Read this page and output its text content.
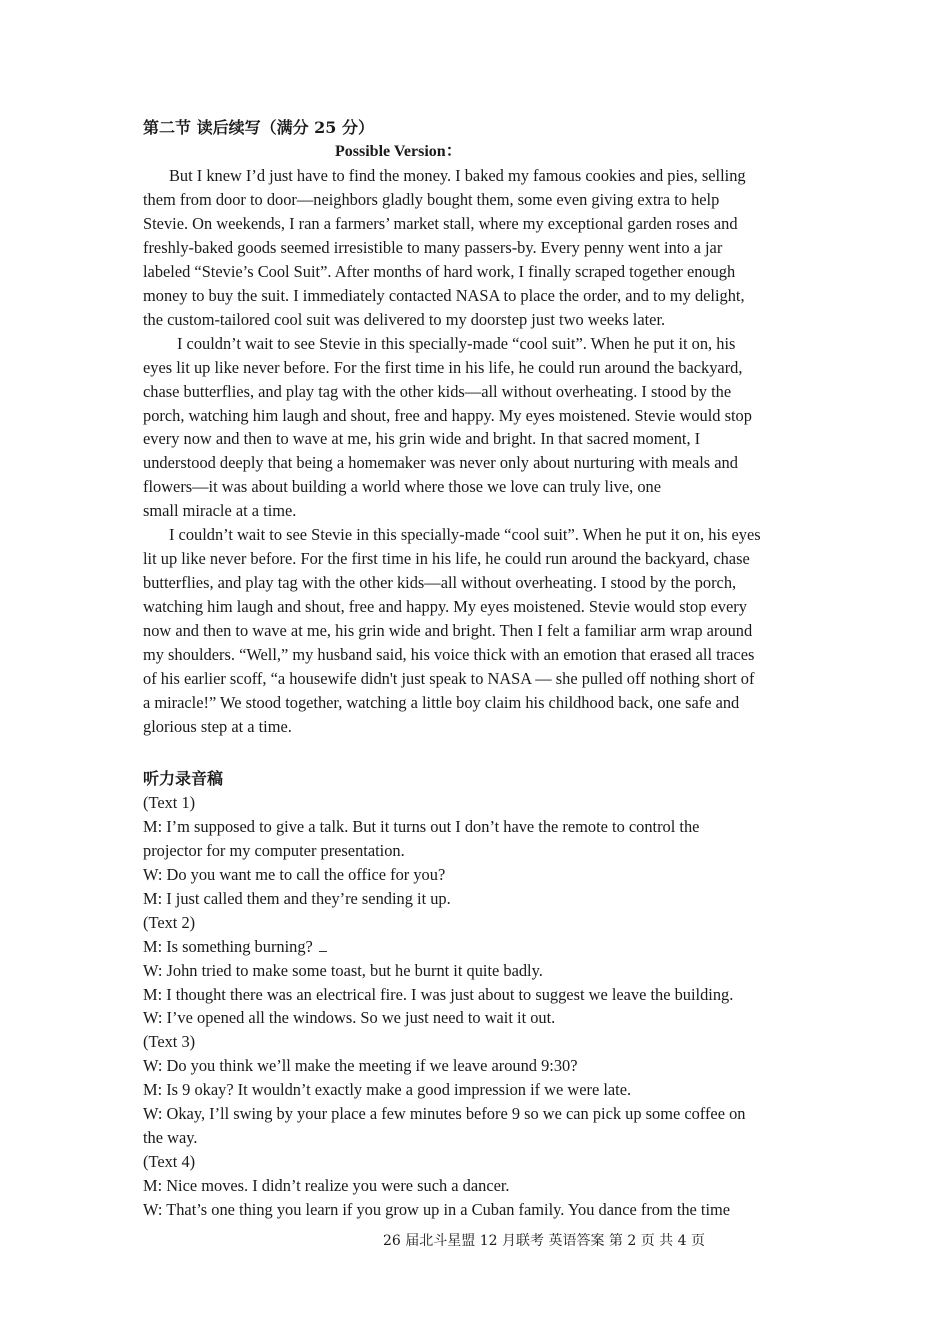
第二节 读后续写（满分 25 分）

Possible Version：

But I knew I’d just have to find the money. I baked my famous cookies and pies, selling
them from door to door—neighbors gladly bought them, some even giving extra to help
Stevie. On weekends, I ran a farmers’ market stall, where my exceptional garden roses and
freshly-baked goods seemed irresistible to many passers-by. Every penny went into a jar
labeled “Stevie’s Cool Suit”. After months of hard work, I finally scraped together enough
money to buy the suit. I immediately contacted NASA to place the order, and to my delight,
the custom-tailored cool suit was delivered to my doorstep just two weeks later.
I couldn’t wait to see Stevie in this specially-made “cool suit”. When he put it on, his
eyes lit up like never before. For the first time in his life, he could run around the backyard,
chase butterflies, and play tag with the other kids—all without overheating. I stood by the
porch, watching him laugh and shout, free and happy. My eyes moistened. Stevie would stop
every now and then to wave at me, his grin wide and bright. In that sacred moment, I
understood deeply that being a homemaker was never only about nurturing with meals and
flowers—it was about building a world where those we love can truly live, one
small miracle at a time.
I couldn’t wait to see Stevie in this specially-made “cool suit”. When he put it on, his eyes
lit up like never before. For the first time in his life, he could run around the backyard, chase
butterflies, and play tag with the other kids—all without overheating. I stood by the porch,
watching him laugh and shout, free and happy. My eyes moistened. Stevie would stop every
now and then to wave at me, his grin wide and bright. Then I felt a familiar arm wrap around
my shoulders. “Well,” my husband said, his voice thick with an emotion that erased all traces
of his earlier scoff, “a housewife didn't just speak to NASA — she pulled off nothing short of
a miracle!” We stood together, watching a little boy claim his childhood back, one safe and
glorious step at a time.

听力录音稿

(Text 1)

M: I’m supposed to give a talk. But it turns out I don’t have the remote to control the

projector for my computer presentation.

W: Do you want me to call the office for you?

M: I just called them and they’re sending it up.

(Text 2)

M: Is something burning?

W: John tried to make some toast, but he burnt it quite badly.

M: I thought there was an electrical fire. I was just about to suggest we leave the building.

W: I’ve opened all the windows. So we just need to wait it out.

(Text 3)

W: Do you think we’ll make the meeting if we leave around 9:30?

M: Is 9 okay? It wouldn’t exactly make a good impression if we were late.

W: Okay, I’ll swing by your place a few minutes before 9 so we can pick up some coffee on

the way.

(Text 4)

M: Nice moves. I didn’t realize you were such a dancer.

W: That’s one thing you learn if you grow up in a Cuban family. You dance from the time

26 届北斗星盟 12 月联考 英语答案 第 2 页 共 4 页
